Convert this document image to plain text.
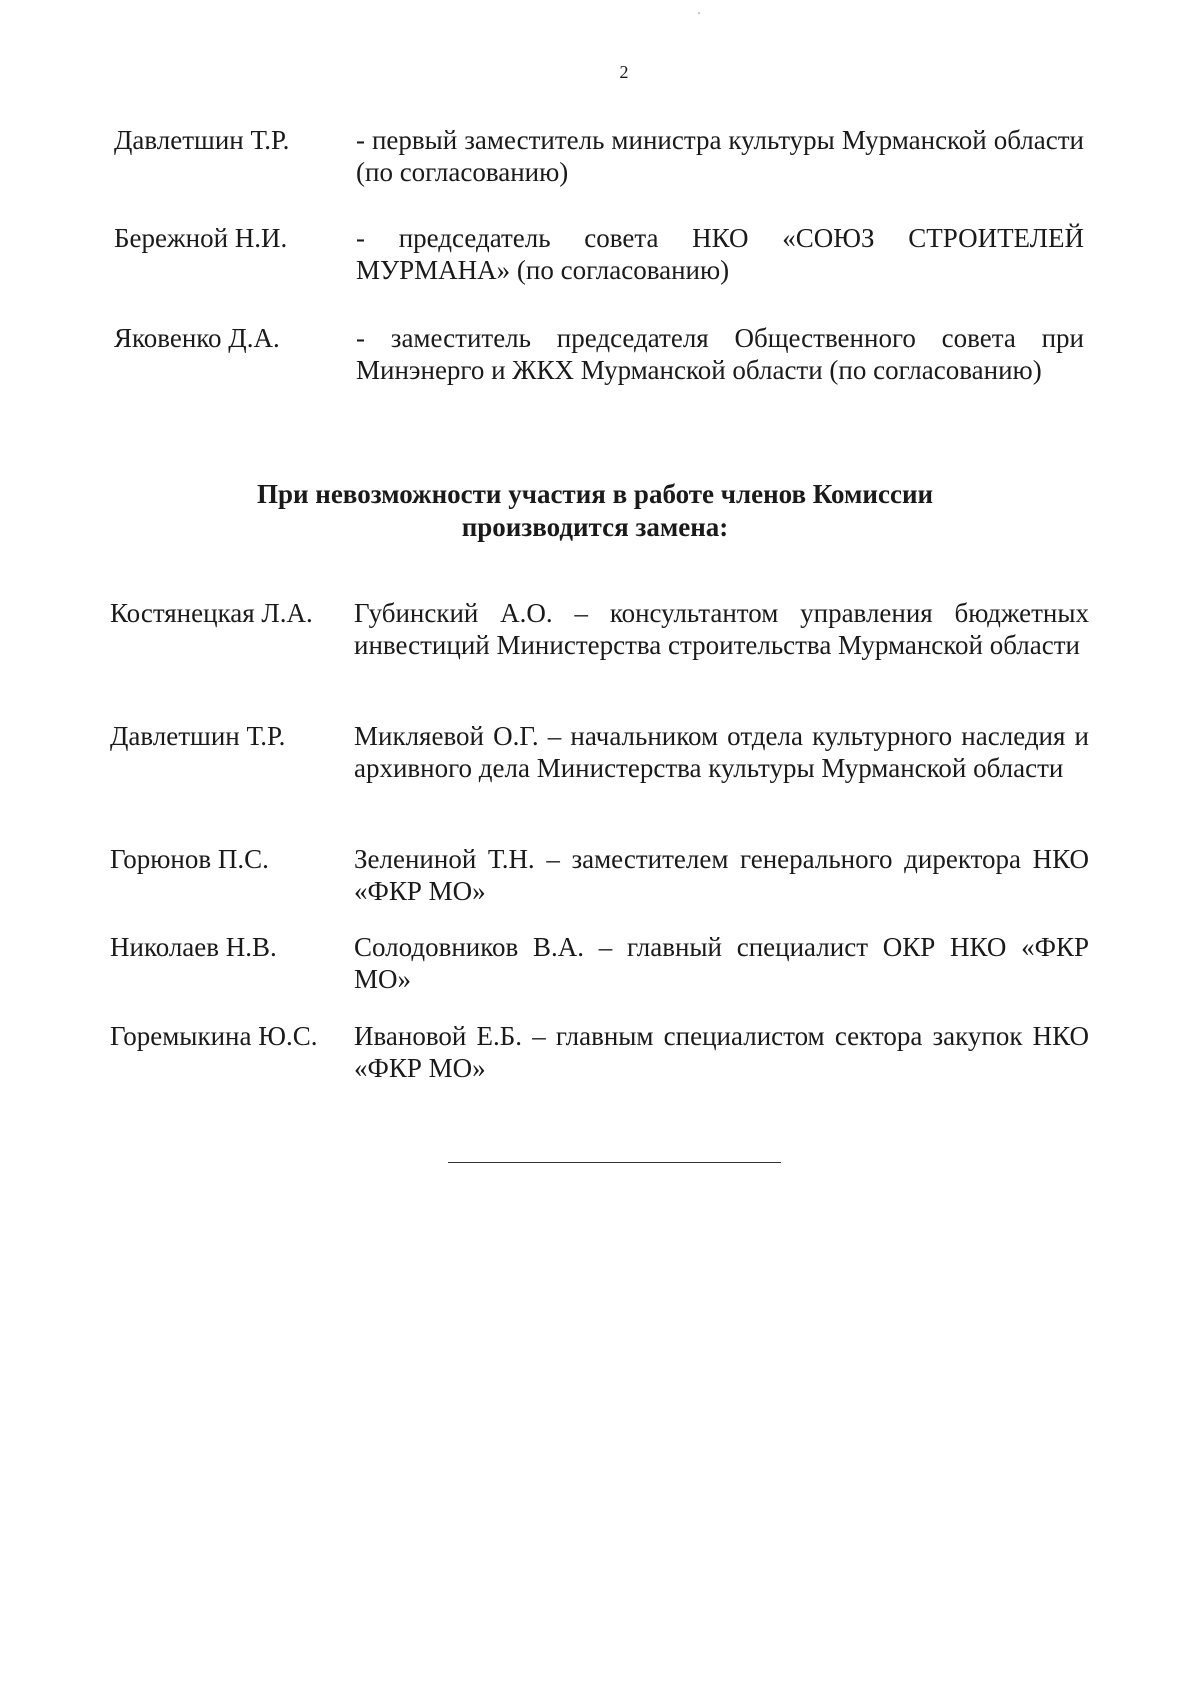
2
Давлетшин Т.Р. - первый заместитель министра культуры Мурманской области (по согласованию)
Бережной Н.И.	- председатель совета НКО «СОЮЗ СТРОИТЕЛЕЙ МУРМАНА» (по согласованию)
Яковенко Д.А.	- заместитель председателя Общественного совета при Минэнерго и ЖКХ Мурманской области (по согласованию)
При невозможности участия в работе членов Комиссии
производится замена:
Костянецкая Л.А. Губинский А.О. – консультантом управления бюджетных инвестиций Министерства строительства Мурманской области
Давлетшин Т.Р.	Микляевой О.Г. – начальником отдела культурного наследия и архивного дела Министерства культуры Мурманской области
Горюнов П.С.	Зелениной Т.Н. – заместителем генерального директора НКО «ФКР МО»
Николаев Н.В.	Солодовников В.А. – главный специалист ОКР НКО «ФКР МО»
Горемыкина Ю.С. Ивановой Е.Б. – главным специалистом сектора закупок НКО «ФКР МО»
